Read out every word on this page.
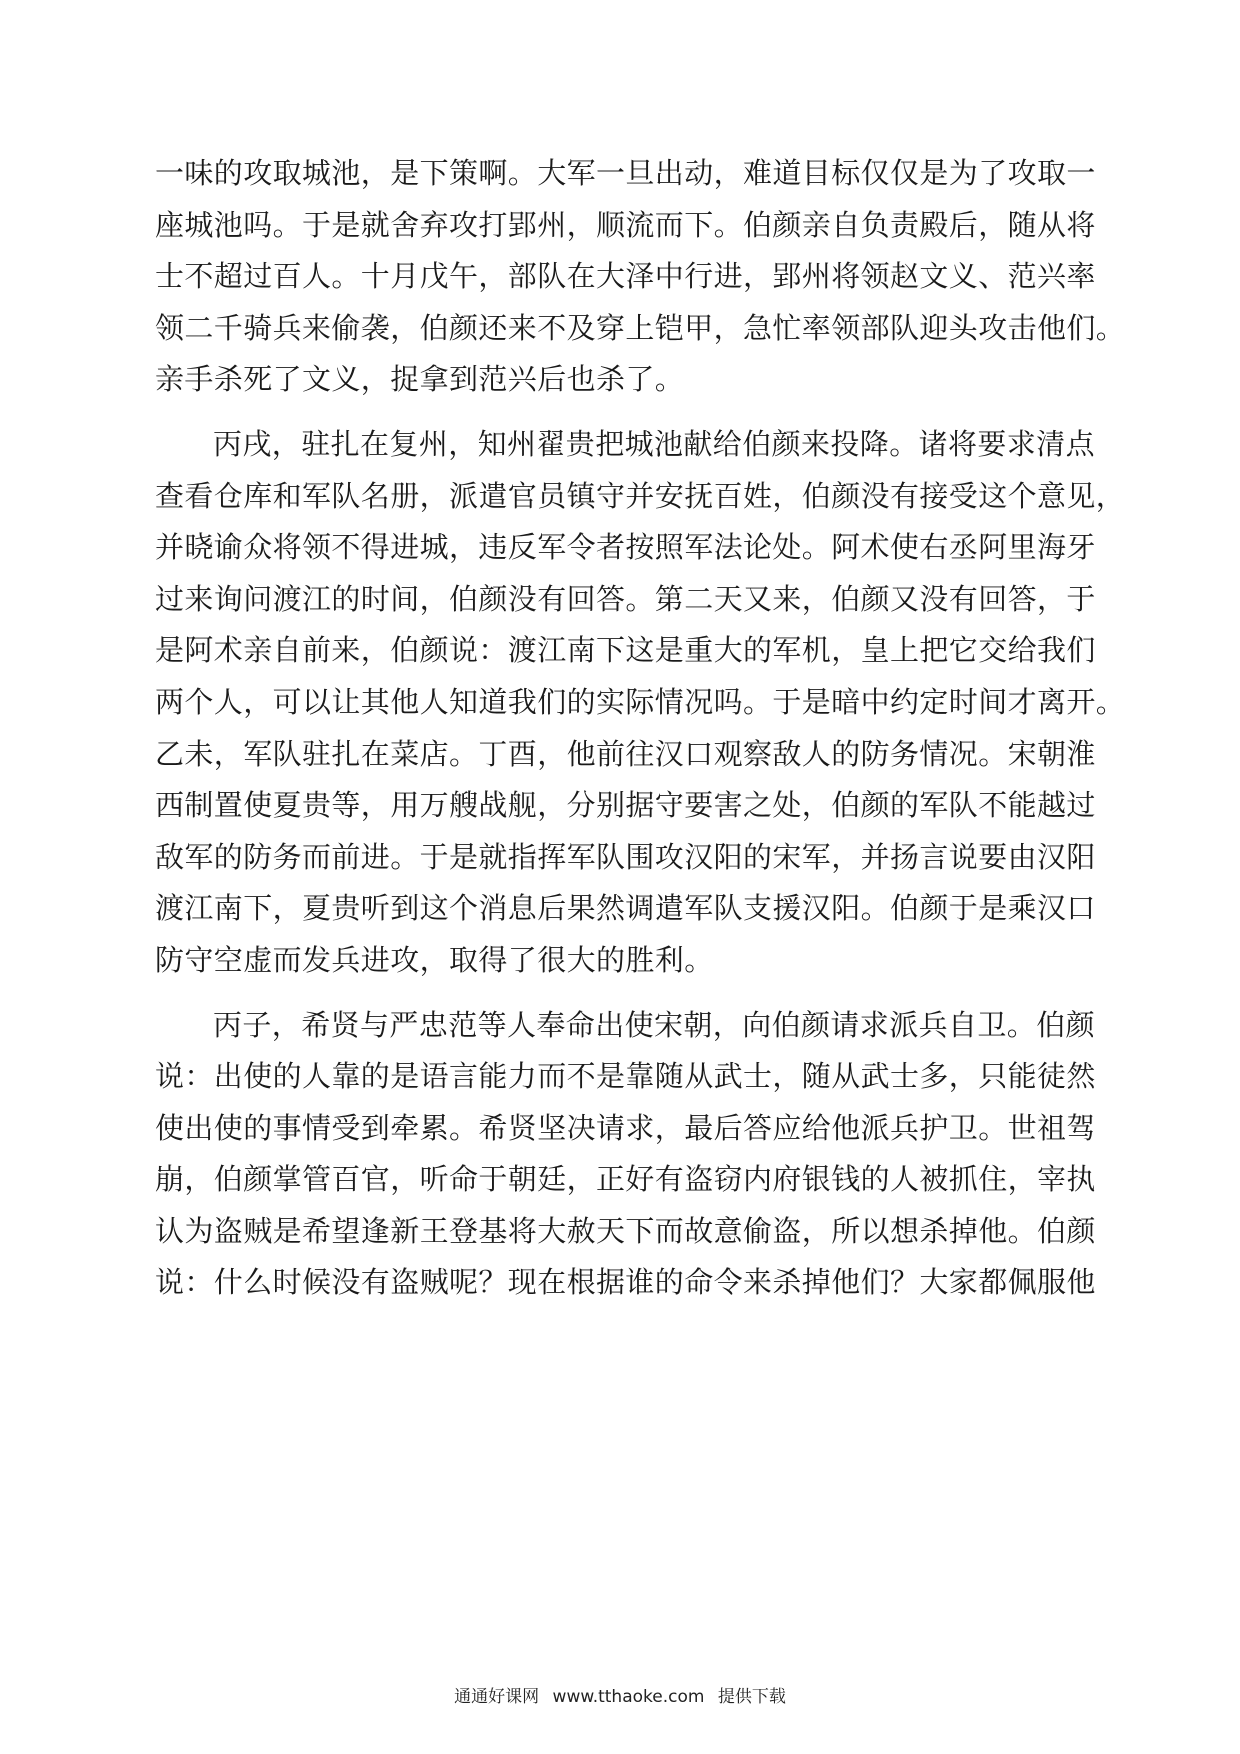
一味的攻取城池，是下策啊。大军一旦出动，难道目标仅仅是为了攻取一
座城池吗。于是就舍弃攻打郢州，顺流而下。伯颜亲自负责殿后，随从将
士不超过百人。十月戊午，部队在大泽中行进，郢州将领赵文义、范兴率
领二千骑兵来偷袭，伯颜还来不及穿上铠甲，急忙率领部队迎头攻击他们。
亲手杀死了文义，捉拿到范兴后也杀了。
丙戌，驻扎在复州，知州翟贵把城池献给伯颜来投降。诸将要求清点
查看仓库和军队名册，派遣官员镇守并安抚百姓，伯颜没有接受这个意见，
并晓谕众将领不得进城，违反军令者按照军法论处。阿术使右丞阿里海牙
过来询问渡江的时间，伯颜没有回答。第二天又来，伯颜又没有回答，于
是阿术亲自前来，伯颜说：渡江南下这是重大的军机，皇上把它交给我们
两个人，可以让其他人知道我们的实际情况吗。于是暗中约定时间才离开。
乙未，军队驻扎在菜店。丁酉，他前往汉口观察敌人的防务情况。宋朝淮
西制置使夏贵等，用万艘战舰，分别据守要害之处，伯颜的军队不能越过
敌军的防务而前进。于是就指挥军队围攻汉阳的宋军，并扬言说要由汉阳
渡江南下，夏贵听到这个消息后果然调遣军队支援汉阳。伯颜于是乘汉口
防守空虚而发兵进攻，取得了很大的胜利。
丙子，希贤与严忠范等人奉命出使宋朝，向伯颜请求派兵自卫。伯颜
说：出使的人靠的是语言能力而不是靠随从武士，随从武士多，只能徒然
使出使的事情受到牵累。希贤坚决请求，最后答应给他派兵护卫。世祖驾
崩，伯颜掌管百官，听命于朝廷，正好有盗窃内府银钱的人被抓住，宰执
认为盗贼是希望逢新王登基将大赦天下而故意偷盗，所以想杀掉他。伯颜
说：什么时候没有盗贼呢？现在根据谁的命令来杀掉他们？大家都佩服他
通通好课网 www.tthaoke.com 提供下载
